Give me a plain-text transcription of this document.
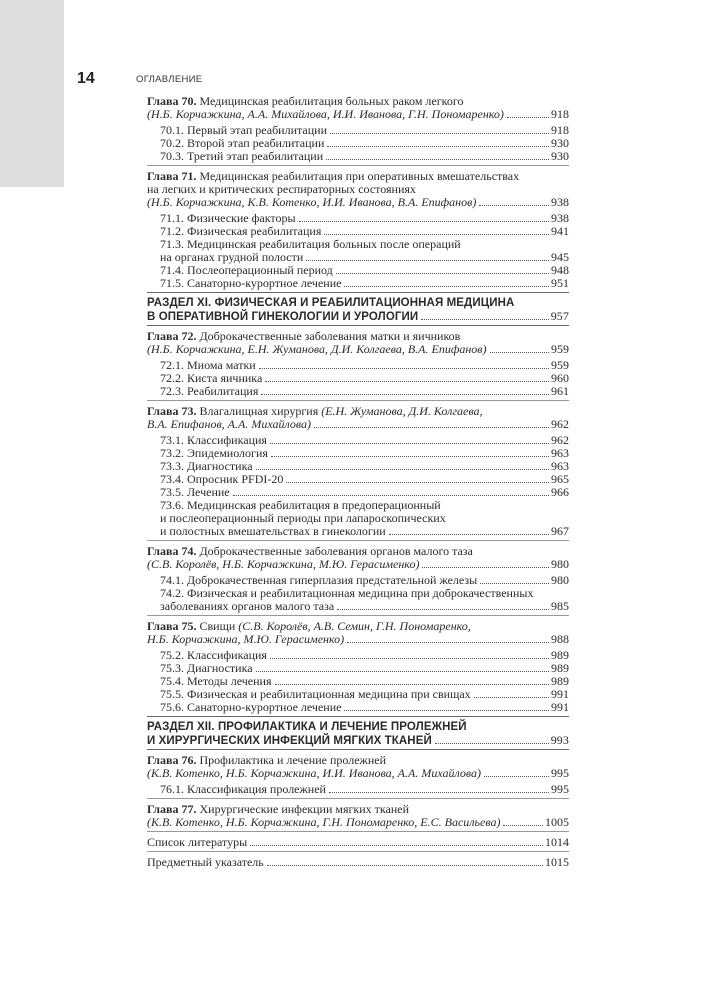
14	ОГЛАВЛЕНИЕ
Глава 70. Медицинская реабилитация больных раком легкого
(Н.Б. Корчажкина, А.А. Михайлова, И.И. Иванова, Г.Н. Пономаренко)	918
70.1. Первый этап реабилитации	918
70.2. Второй этап реабилитации	930
70.3. Третий этап реабилитации	930
Глава 71. Медицинская реабилитация при оперативных вмешательствах
на легких и критических респираторных состояниях
(Н.Б. Корчажкина, К.В. Котенко, И.И. Иванова, В.А. Епифанов)	938
71.1. Физические факторы	938
71.2. Физическая реабилитация	941
71.3. Медицинская реабилитация больных после операций
на органах грудной полости	945
71.4. Послеоперационный период	948
71.5. Санаторно-курортное лечение	951
РАЗДЕЛ XI. ФИЗИЧЕСКАЯ И РЕАБИЛИТАЦИОННАЯ МЕДИЦИНА
В ОПЕРАТИВНОЙ ГИНЕКОЛОГИИ И УРОЛОГИИ	957
Глава 72. Доброкачественные заболевания матки и яичников
(Н.Б. Корчажкина, Е.Н. Жуманова, Д.И. Колгаева, В.А. Епифанов)	959
72.1. Миома матки	959
72.2. Киста яичника	960
72.3. Реабилитация	961
Глава 73. Влагалищная хирургия (Е.Н. Жуманова, Д.И. Колгаева,
В.А. Епифанов, А.А. Михайлова)	962
73.1. Классификация	962
73.2. Эпидемиология	963
73.3. Диагностика	963
73.4. Опросник PFDI-20	965
73.5. Лечение	966
73.6. Медицинская реабилитация в предоперационный
и послеоперационный периоды при лапароскопических
и полостных вмешательствах в гинекологии	967
Глава 74. Доброкачественные заболевания органов малого таза
(С.В. Королёв, Н.Б. Корчажкина, М.Ю. Герасименко)	980
74.1. Доброкачественная гиперплазия предстательной железы	980
74.2. Физическая и реабилитационная медицина при доброкачественных
заболеваниях органов малого таза	985
Глава 75. Свищи (С.В. Королёв, А.В. Семин, Г.Н. Пономаренко,
Н.Б. Корчажкина, М.Ю. Герасименко)	988
75.2. Классификация	989
75.3. Диагностика	989
75.4. Методы лечения	989
75.5. Физическая и реабилитационная медицина при свищах	991
75.6. Санаторно-курортное лечение	991
РАЗДЕЛ XII. ПРОФИЛАКТИКА И ЛЕЧЕНИЕ ПРОЛЕЖНЕЙ
И ХИРУРГИЧЕСКИХ ИНФЕКЦИЙ МЯГКИХ ТКАНЕЙ	993
Глава 76. Профилактика и лечение пролежней
(К.В. Котенко, Н.Б. Корчажкина, И.И. Иванова, А.А. Михайлова)	995
76.1. Классификация пролежней	995
Глава 77. Хирургические инфекции мягких тканей
(К.В. Котенко, Н.Б. Корчажкина, Г.Н. Пономаренко, Е.С. Васильева)	1005
Список литературы	1014
Предметный указатель	1015
